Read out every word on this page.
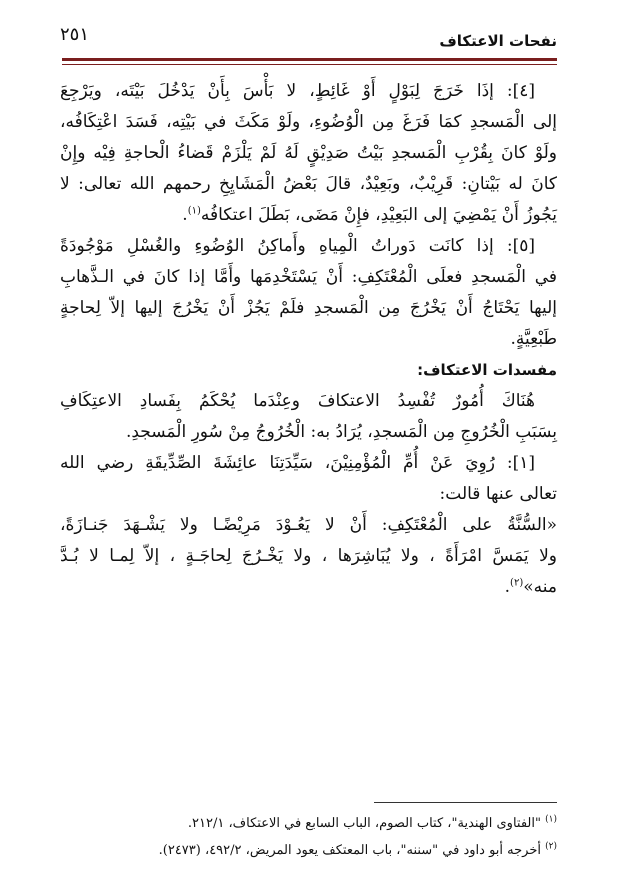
نفحات الاعتكاف
٢٥١
[٤]: إذَا خَرَجَ لِبَوْلٍ أَوْ غَائِطٍ، لا بَأْسَ بِأَنْ يَدْخُلَ بَيْتَه، ويَرْجِعَ
إلى الْمَسجدِ كمَا فَرَغَ مِن الْوُضُوءِ، ولَوْ مَكَثَ في بَيْتِه، فَسَدَ اعْتِكَافُه،
ولَوْ كانَ بِقُرْبِ الْمَسجدِ بَيْتُ صَدِيْقٍ لَهُ لَمْ يَلْزَمْ قَضاءُ الْحاجةِ فِيْه وإِنْ
كانَ له بَيْتانِ: قَرِيْبٌ، وبَعِيْدٌ، قالَ بَعْضُ الْمَشَايِخِ رحمهم الله تعالى: لا
يَجُوزُ أَنْ يَمْضِيَ إلى البَعِيْدِ، فإِنْ مَضَى، بَطَلَ اعتكافُه$^{(١)}$.
[٥]: إذا كانَت دَوراتُ الْمِياهِ وأَماكِنُ الوُضُوءِ والغُسْلِ مَوْجُودَةً
في الْمَسجدِ فعلَى الْمُعْتَكِفِ: أَنْ يَسْتَخْدِمَها وأَمَّا إذا كانَ في الـذَّهابِ
إليها يَحْتَاجُ أَنْ يَخْرُجَ مِن الْمَسجدِ فلَمْ يَجُزْ أَنْ يَخْرُجَ إليها إلاّ لِحاجةٍ
طَبْعِيَّةٍ.
مفسدات الاعتكاف:
هُنَاكَ أُمُورٌ تُفْسِدُ الاعتكافَ وعِنْدَما يُحْكَمُ بِفَسادِ الاعتِكَافِ
بِسَبَبِ الْخُرُوجِ مِن الْمَسجدِ، يُرَادُ به: الْخُرُوجُ مِنْ سُورِ الْمَسجدِ.
[١]: رُوِيَ عَنْ أُمِّ الْمُؤْمِنِيْنَ، سَيِّدَتِنَا عائِشَةَ الصِّدِّيقَةِ رضي الله
تعالى عنها قالت:
«السُّنَّةُ على الْمُعْتَكِفِ: أَنْ لا يَعُـوْدَ مَرِيْضًـا ولا يَشْـهَدَ جَنـازَةً،
ولا يَمَسَّ امْرَأَةً ، ولا يُبَاشِرَها ، ولا يَخْـرُجَ لِحاجَـةٍ ، إلاّ لِمـا لا بُـدَّ
منه»$^{(٢)}$.
$^{(١)}$ "الفتاوى الهندية"، كتاب الصوم، الباب السابع في الاعتكاف، ٢١٢/١.
$^{(٢)}$ أخرجه أبو داود في "سننه"، باب المعتكف يعود المريض، ٤٩٢/٢، (٢٤٧٣).
